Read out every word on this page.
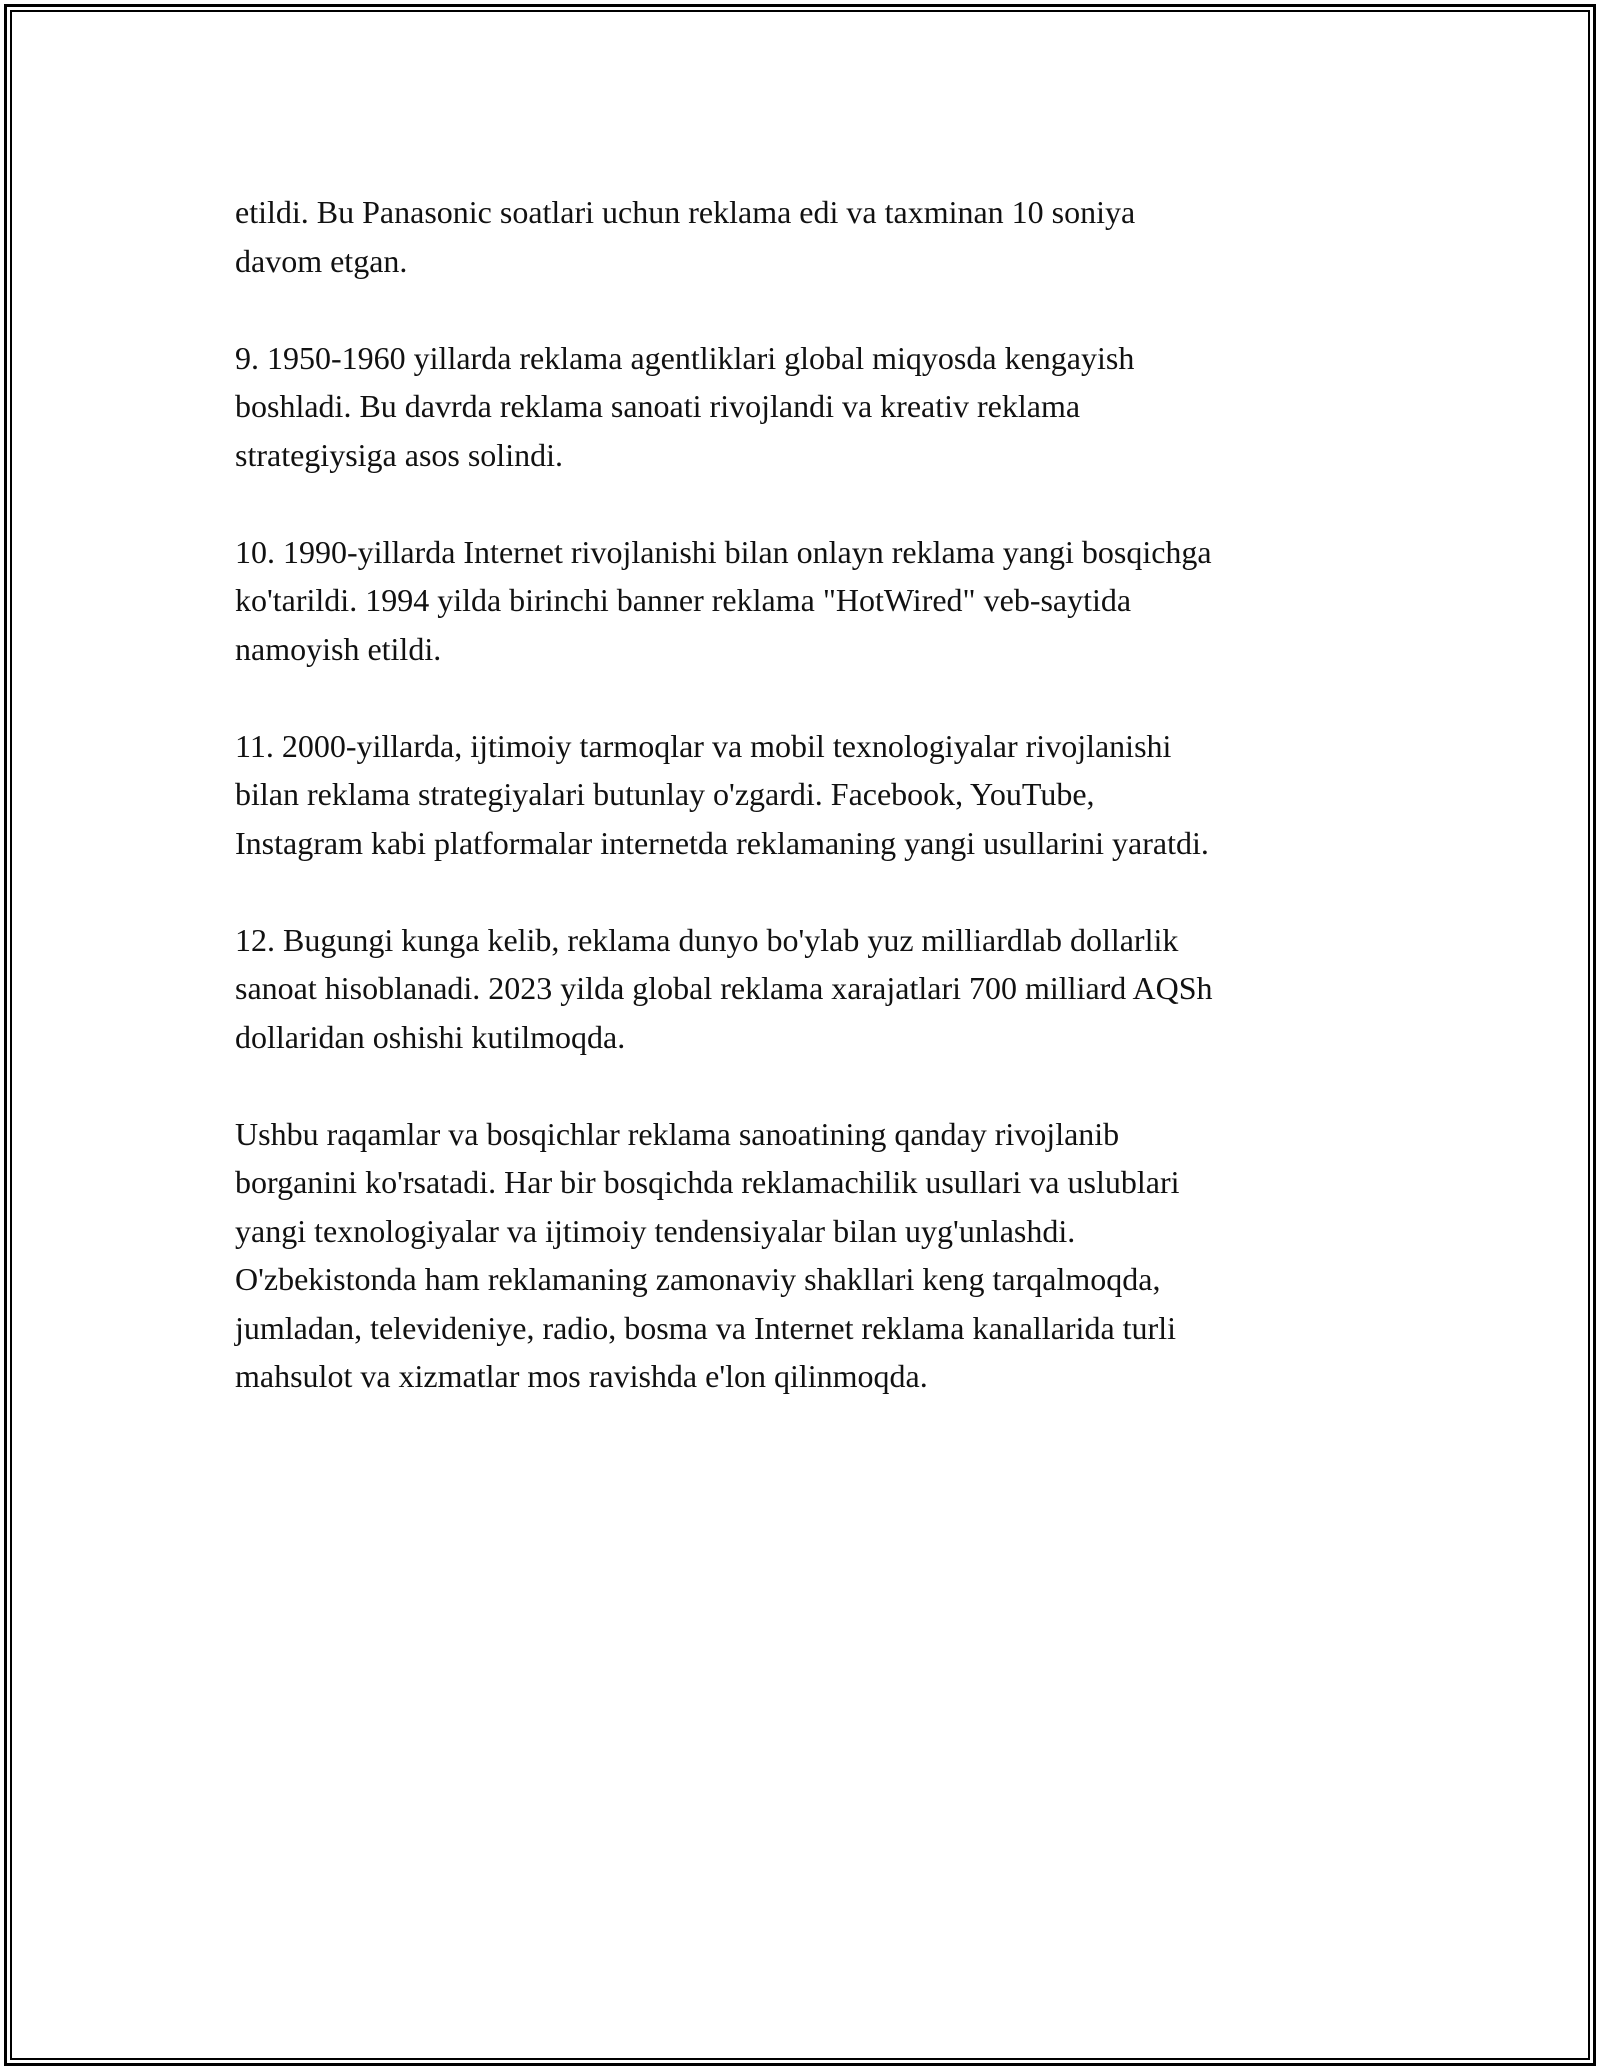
etildi. Bu Panasonic soatlari uchun reklama edi va taxminan 10 soniya
davom etgan.

9. 1950-1960 yillarda reklama agentliklari global miqyosda kengayish
boshladi. Bu davrda reklama sanoati rivojlandi va kreativ reklama
strategiysiga asos solindi.

10. 1990-yillarda Internet rivojlanishi bilan onlayn reklama yangi bosqichga
ko'tarildi. 1994 yilda birinchi banner reklama "HotWired" veb-saytida
namoyish etildi.

11. 2000-yillarda, ijtimoiy tarmoqlar va mobil texnologiyalar rivojlanishi
bilan reklama strategiyalari butunlay o'zgardi. Facebook, YouTube,
Instagram kabi platformalar internetda reklamaning yangi usullarini yaratdi.

12. Bugungi kunga kelib, reklama dunyo bo'ylab yuz milliardlab dollarlik
sanoat hisoblanadi. 2023 yilda global reklama xarajatlari 700 milliard AQSh
dollaridan oshishi kutilmoqda.

Ushbu raqamlar va bosqichlar reklama sanoatining qanday rivojlanib
borganini ko'rsatadi. Har bir bosqichda reklamachilik usullari va uslublari
yangi texnologiyalar va ijtimoiy tendensiyalar bilan uyg'unlashdi.
O'zbekistonda ham reklamaning zamonaviy shakllari keng tarqalmoqda,
jumladan, televideniye, radio, bosma va Internet reklama kanallarida turli
mahsulot va xizmatlar mos ravishda e'lon qilinmoqda.
